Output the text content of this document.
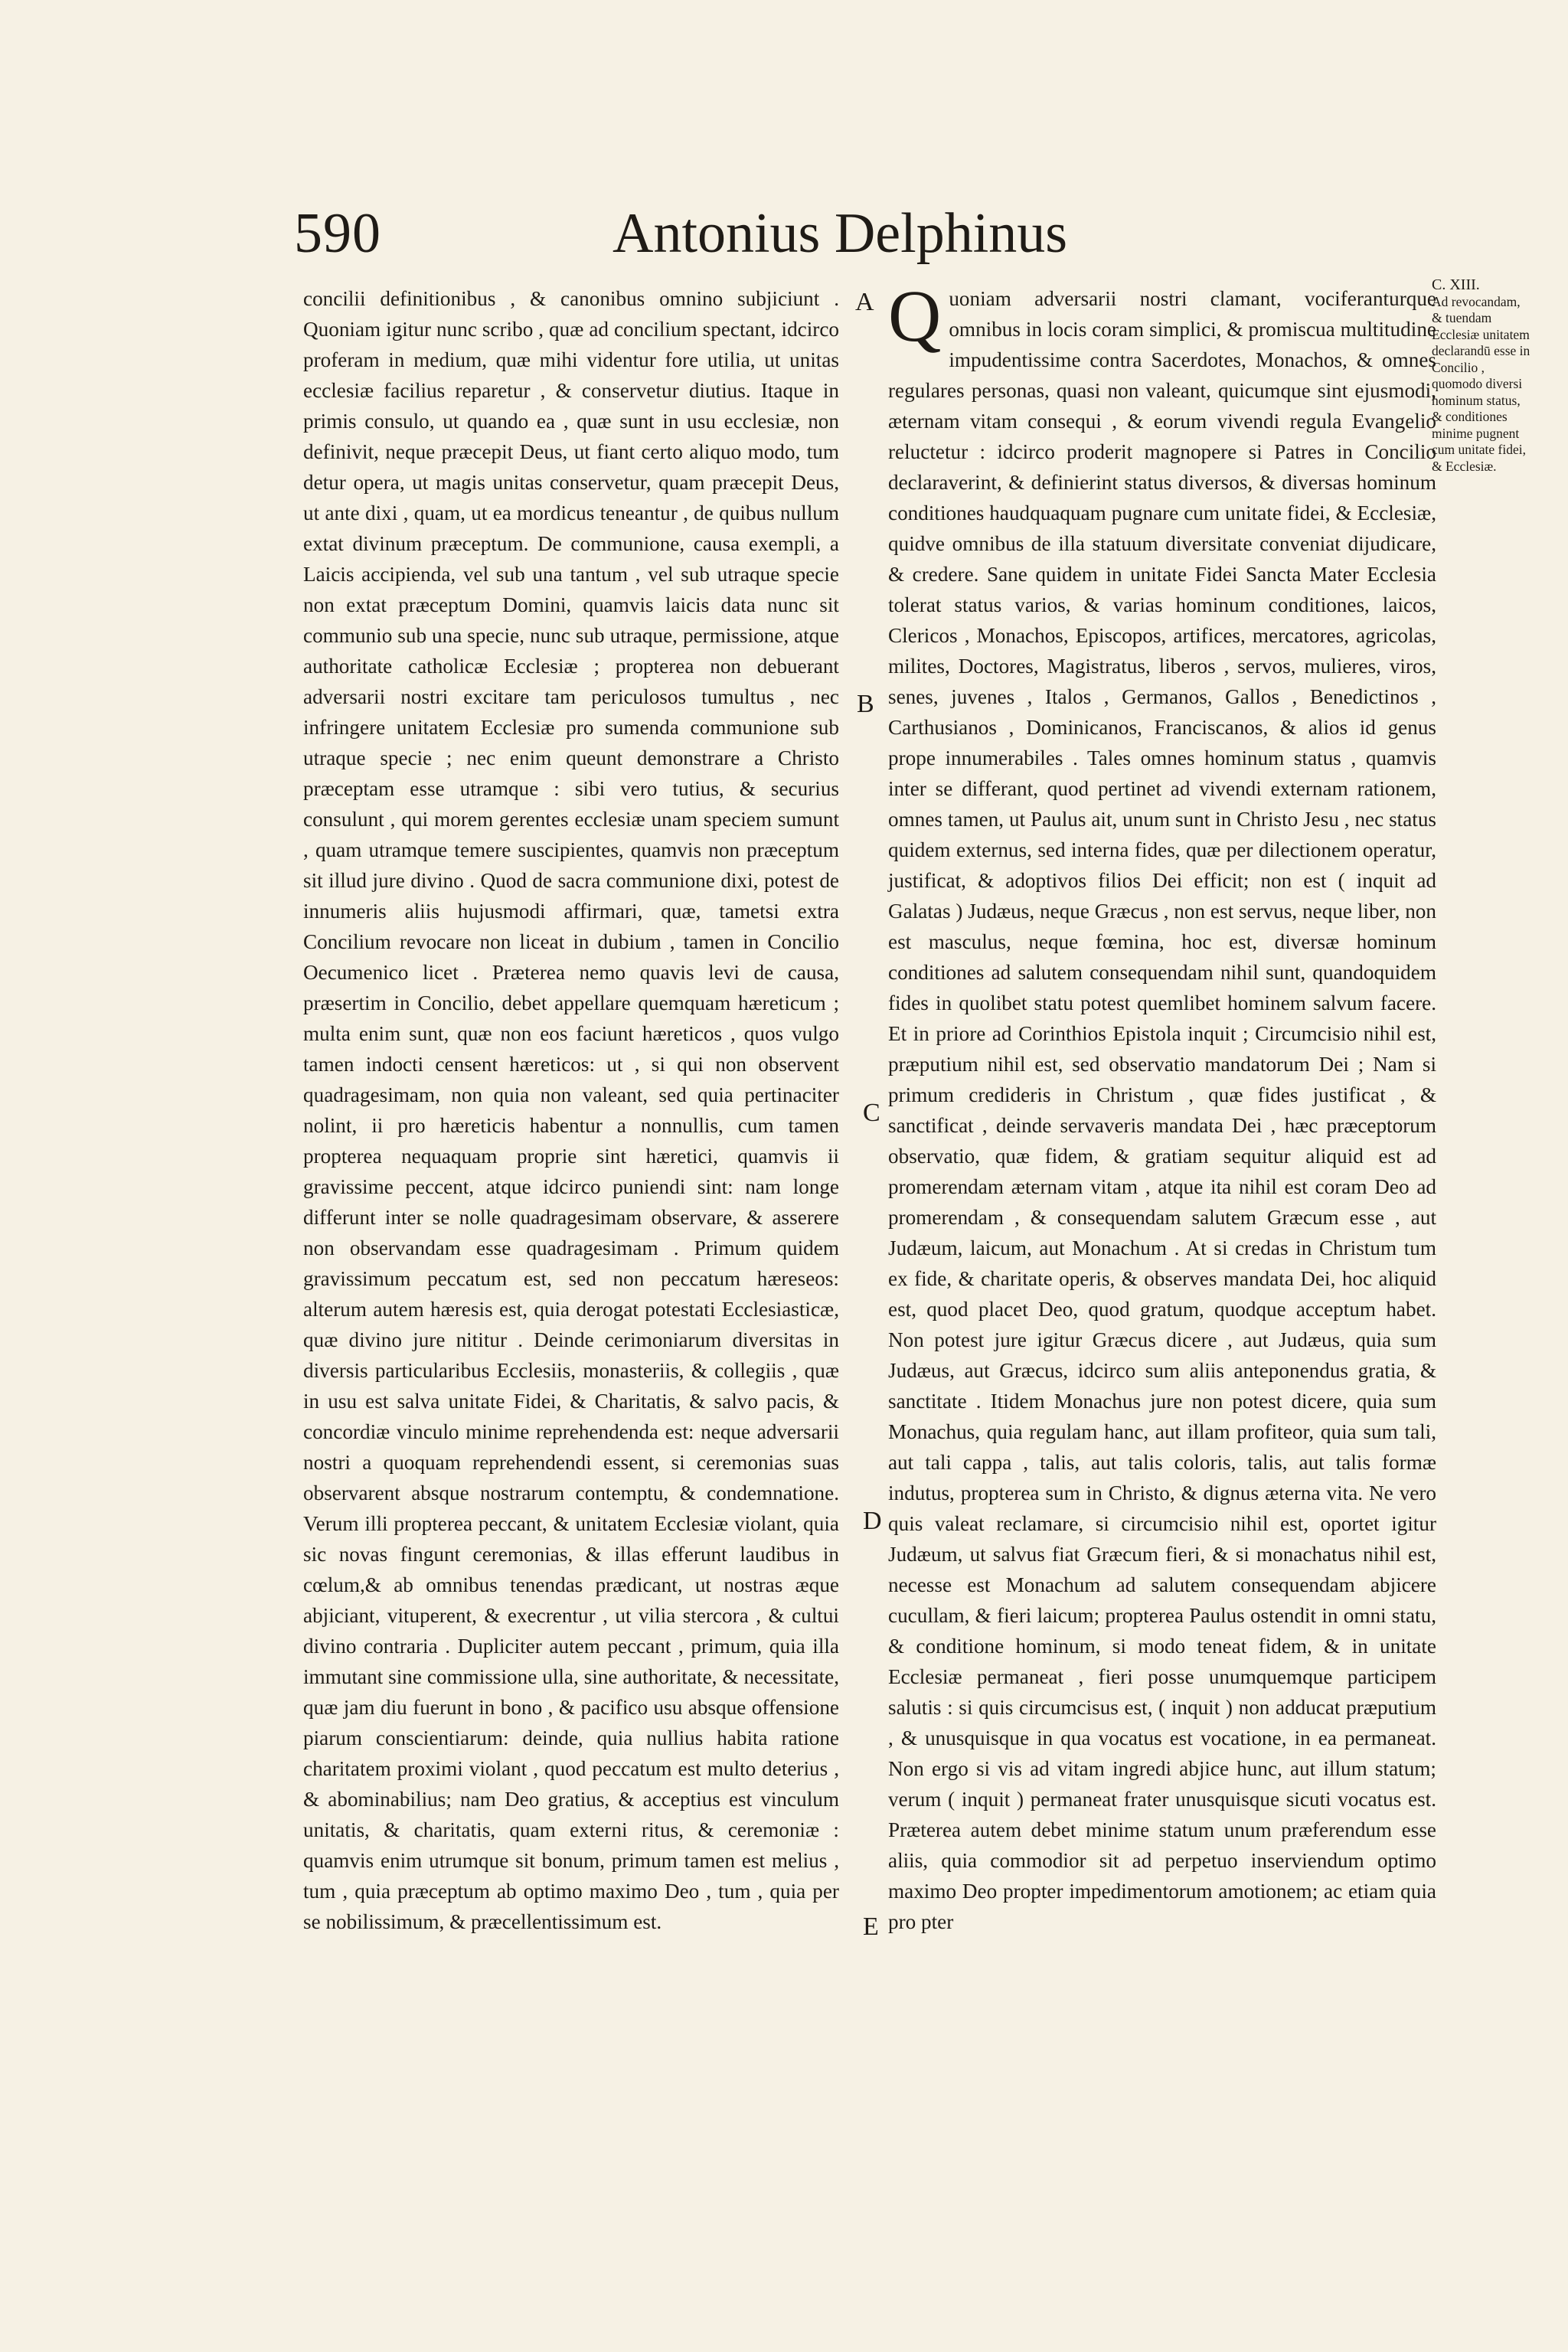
590	Antonius Delphinus

concilii definitionibus , & canonibus omnino subjiciunt . Quoniam igitur nunc scribo , quæ ad concilium spectant, idcirco proferam in medium, quæ mihi videntur fore utilia, ut unitas ecclesiæ facilius reparetur , & conservetur diutius. Itaque in primis consulo, ut quando ea , quæ sunt in usu ecclesiæ, non definivit, neque præcepit Deus, ut fiant certo aliquo modo, tum detur opera, ut magis unitas conservetur, quam præcepit Deus, ut ante dixi , quam, ut ea mordicus teneantur , de quibus nullum extat divinum præceptum. De communione, causa exempli, a Laicis accipienda, vel sub una tantum , vel sub utraque specie non extat præceptum Domini, quamvis laicis data nunc sit communio sub una specie, nunc sub utraque, permissione, atque authoritate catholicæ Ecclesiæ ; propterea non debuerant adversarii nostri excitare tam periculosos tumultus , nec infringere unitatem Ecclesiæ pro sumenda communione sub utraque specie ; nec enim queunt demonstrare a Christo præceptam esse utramque : sibi vero tutius, & securius consulunt , qui morem gerentes ecclesiæ unam speciem sumunt , quam utramque temere suscipientes, quamvis non præceptum sit illud jure divino . Quod de sacra communione dixi, potest de innumeris aliis hujusmodi affirmari, quæ, tametsi extra Concilium revocare non liceat in dubium , tamen in Concilio Oecumenico licet . Præterea nemo quavis levi de causa, præsertim in Concilio, debet appellare quemquam hæreticum ; multa enim sunt, quæ non eos faciunt hæreticos , quos vulgo tamen indocti censent hæreticos: ut , si qui non observent quadragesimam, non quia non valeant, sed quia pertinaciter nolint, ii pro hæreticis habentur a nonnullis, cum tamen propterea nequaquam proprie sint hæretici, quamvis ii gravissime peccent, atque idcirco puniendi sint: nam longe differunt inter se nolle quadragesimam observare, & asserere non observandam esse quadragesimam . Primum quidem gravissimum peccatum est, sed non peccatum hæreseos: alterum autem hæresis est, quia derogat potestati Ecclesiasticæ, quæ divino jure nititur . Deinde cerimoniarum diversitas in diversis particularibus Ecclesiis, monasteriis, & collegiis , quæ in usu est salva unitate Fidei, & Charitatis, & salvo pacis, & concordiæ vinculo minime reprehendenda est: neque adversarii nostri a quoquam reprehendendi essent, si ceremonias suas observarent absque nostrarum contemptu, & condemnatione. Verum illi propterea peccant, & unitatem Ecclesiæ violant, quia sic novas fingunt ceremonias, & illas efferunt laudibus in cœlum,& ab omnibus tenendas prædicant, ut nostras æque abjiciant, vituperent, & execrentur , ut vilia stercora , & cultui divino contraria . Dupliciter autem peccant , primum, quia illa immutant sine commissione ulla, sine authoritate, & necessitate, quæ jam diu fuerunt in bono , & pacifico usu absque offensione piarum conscientiarum: deinde, quia nullius habita ratione charitatem proximi violant , quod peccatum est multo deterius , & abominabilius; nam Deo gratius, & acceptius est vinculum unitatis, & charitatis, quam externi ritus, & ceremoniæ : quamvis enim utrumque sit bonum, primum tamen est melius , tum , quia præceptum ab optimo maximo Deo , tum , quia per se nobilissimum, & præcellentissimum est.

A
B
C
D
E

Quoniam adversarii nostri clamant, vociferanturque omnibus in locis coram simplici, & promiscua multitudine impudentissime contra Sacerdotes, Monachos, & omnes regulares personas, quasi non valeant, quicumque sint ejusmodi, æternam vitam consequi , & eorum vivendi regula Evangelio reluctetur : idcirco proderit magnopere si Patres in Concilio declaraverint, & definierint status diversos, & diversas hominum conditiones haudquaquam pugnare cum unitate fidei, & Ecclesiæ, quidve omnibus de illa statuum diversitate conveniat dijudicare, & credere. Sane quidem in unitate Fidei Sancta Mater Ecclesia tolerat status varios, & varias hominum conditiones, laicos, Clericos , Monachos, Episcopos, artifices, mercatores, agricolas, milites, Doctores, Magistratus, liberos , servos, mulieres, viros, senes, juvenes , Italos , Germanos, Gallos , Benedictinos , Carthusianos , Dominicanos, Franciscanos, & alios id genus prope innumerabiles . Tales omnes hominum status , quamvis inter se differant, quod pertinet ad vivendi externam rationem, omnes tamen, ut Paulus ait, unum sunt in Christo Jesu , nec status quidem externus, sed interna fides, quæ per dilectionem operatur, justificat, & adoptivos filios Dei efficit; non est ( inquit ad Galatas ) Judæus, neque Græcus , non est servus, neque liber, non est masculus, neque fœmina, hoc est, diversæ hominum conditiones ad salutem consequendam nihil sunt, quandoquidem fides in quolibet statu potest quemlibet hominem salvum facere. Et in priore ad Corinthios Epistola inquit ; Circumcisio nihil est, præputium nihil est, sed observatio mandatorum Dei ; Nam si primum credideris in Christum , quæ fides justificat , & sanctificat , deinde servaveris mandata Dei , hæc præceptorum observatio, quæ fidem, & gratiam sequitur aliquid est ad promerendam æternam vitam , atque ita nihil est coram Deo ad promerendam , & consequendam salutem Græcum esse , aut Judæum, laicum, aut Monachum . At si credas in Christum tum ex fide, & charitate operis, & observes mandata Dei, hoc aliquid est, quod placet Deo, quod gratum, quodque acceptum habet. Non potest jure igitur Græcus dicere , aut Judæus, quia sum Judæus, aut Græcus, idcirco sum aliis anteponendus gratia, & sanctitate . Itidem Monachus jure non potest dicere, quia sum Monachus, quia regulam hanc, aut illam profiteor, quia sum tali, aut tali cappa , talis, aut talis coloris, talis, aut talis formæ indutus, propterea sum in Christo, & dignus æterna vita. Ne vero quis valeat reclamare, si circumcisio nihil est, oportet igitur Judæum, ut salvus fiat Græcum fieri, & si monachatus nihil est, necesse est Monachum ad salutem consequendam abjicere cucullam, & fieri laicum; propterea Paulus ostendit in omni statu, & conditione hominum, si modo teneat fidem, & in unitate Ecclesiæ permaneat , fieri posse unumquemque participem salutis : si quis circumcisus est, ( inquit ) non adducat præputium , & unusquisque in qua vocatus est vocatione, in ea permaneat. Non ergo si vis ad vitam ingredi abjice hunc, aut illum statum; verum ( inquit ) permaneat frater unusquisque sicuti vocatus est. Præterea autem debet minime statum unum præferendum esse aliis, quia commodior sit ad perpetuo inserviendum optimo maximo Deo propter impedimentorum amotionem; ac etiam quia pro pter

C. XIII.
Ad revocandam, & tuendam Ecclesiæ unitatem declarandū esse in Concilio , quomodo diversi hominum status, & conditiones minime pugnent cum unitate fidei, & Ecclesiæ.
